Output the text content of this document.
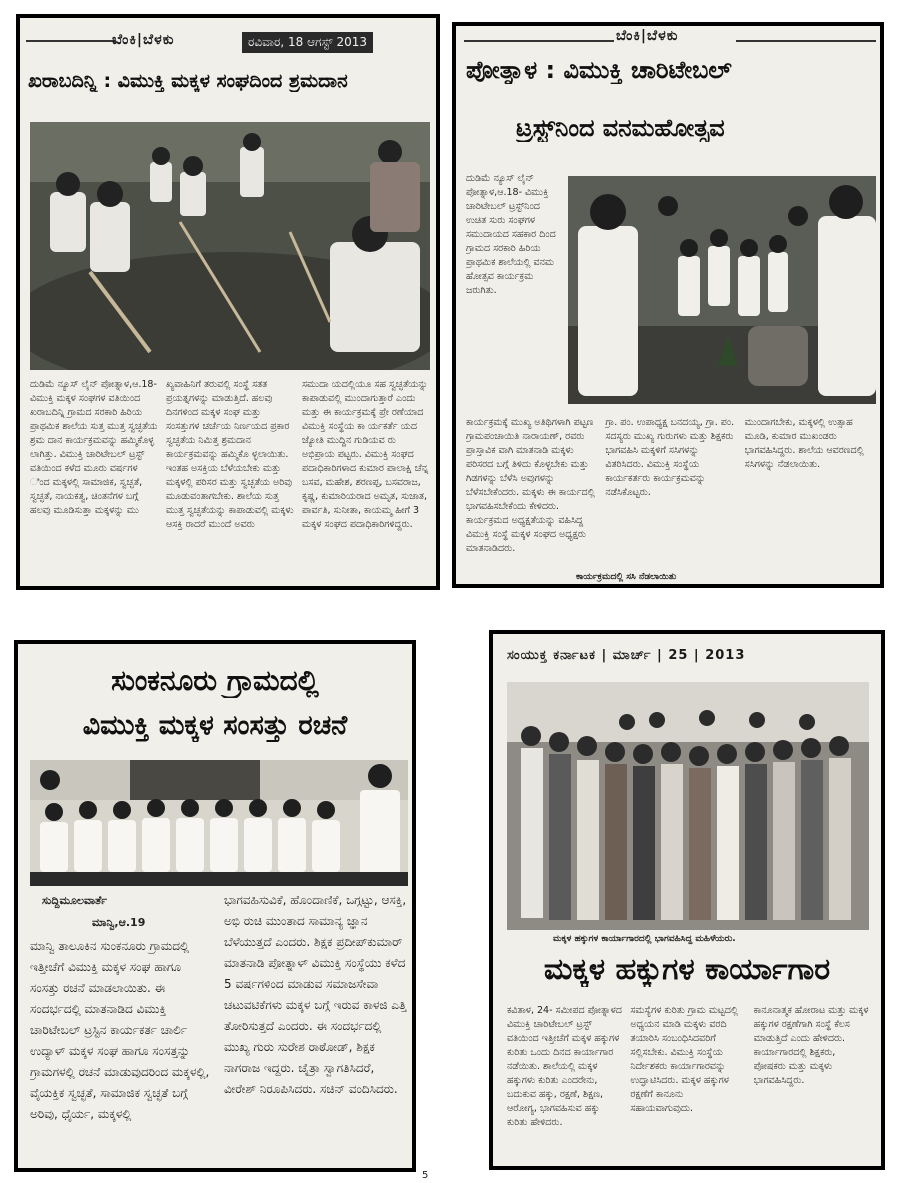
ಬೆಂಕಿ|ಬೆಳಕು	ರವಿವಾರ, 18 ಆಗಸ್ಟ್ 2013
ಖರಾಬದಿನ್ನಿ : ವಿಮುಕ್ತಿ ಮಕ್ಕಳ ಸಂಘದಿಂದ ಶ್ರಮದಾನ
ದುಡಿಮೆ ನ್ಯೂಸ್ ಲೈನ್ ಪೋತ್ನಾಳ,ಆ.18- ವಿಮುಕ್ತಿ ಮಕ್ಕಳ ಸಂಘಗಳ ವತಿಯಿಂದ ಖರಾಬದಿನ್ನಿ ಗ್ರಾಮದ ಸರಕಾರಿ ಹಿರಿಯ ಪ್ರಾಥಮಿಕ ಶಾಲೆಯ ಸುತ್ತ ಮುತ್ತ ಸ್ವಚ್ಛತೆಯ ಶ್ರಮ ದಾನ ಕಾರ್ಯಕ್ರಮವನ್ನು ಹಮ್ಮಿಕೊಳ್ಳ ಲಾಗಿತ್ತು. ವಿಮುಕ್ತಿ ಚಾರಿಟೇಬಲ್ ಟ್ರಸ್ಟ್ ವತಿಯಿಂದ ಕಳೆದ ಮೂರು ವರ್ಷಗಳ ಿಂದ ಮಕ್ಕಳಲ್ಲಿ ಸಾಮಾಜಿಕ, ಸ್ವಚ್ಛತೆ, ಸ್ವಚ್ಛತೆ, ನಾಯಕತ್ವ, ಚಿಂತನೆಗಳ ಬಗ್ಗೆ ಹಲವು ಮೂಡಿಸುತ್ತಾ ಮಕ್ಕಳನ್ನು ಮು
ಖ್ಯವಾಹಿನಿಗೆ ತರುವಲ್ಲಿ ಸಂಸ್ಥೆ ಸತತ ಪ್ರಯತ್ನಗಳನ್ನು ಮಾಡುತ್ತಿದೆ. ಹಲವು ದಿನಗಳಿಂದ ಮಕ್ಕಳ ಸಂಘ ಮತ್ತು ಸಂಸತ್ತುಗಳ ಚರ್ಚೆಯ ನಿರ್ಣಯದ ಪ್ರಕಾರ ಸ್ವಚ್ಛತೆಯ ನಿಮಿತ್ತ ಶ್ರಮದಾನ ಕಾರ್ಯಕ್ರಮವನ್ನು ಹಮ್ಮಿಕೊ ಳ್ಳಲಾಯಿತು. ಇಂತಹ ಅಸಕ್ತಿಯ ಬೆಳೆಯಬೇಕು ಮತ್ತು ಮಕ್ಕಳಲ್ಲಿ ಪರಿಸರ ಮತ್ತು ಸ್ವಚ್ಛತೆಯ ಅರಿವು ಮೂಡುವಂತಾಗಬೇಕು. ಶಾಲೆಯ ಸುತ್ತ ಮುತ್ತ ಸ್ವಚ್ಛತೆಯನ್ನು ಕಾಪಾಡುವಲ್ಲಿ ಮಕ್ಕಳು ಆಸಕ್ತಿ ರಾದರೆ ಮುಂದೆ ಅವರು
ಸಮುದಾ ಯದಲ್ಲಿಯೂ ಸಹ ಸ್ವಚ್ಛತೆಯನ್ನು ಕಾಪಾಡುವಲ್ಲಿ ಮುಂದಾಗುತ್ತಾರೆ ಎಂದು ಮತ್ತು ಈ ಕಾರ್ಯಕ್ರಮಕ್ಕೆ ಪ್ರೇ ರಣೆಯಾದ ವಿಮುಕ್ತಿ ಸಂಸ್ಥೆಯ ಕಾ ರ್ಯಕರ್ತೆ ಯದ ಜ್ಯೋತಿ ಮುದ್ದಿನ ಗುಡಿಯವ ರು ಅಭಿಪ್ರಾಯ ಪಟ್ಟರು. ವಿಮುಕ್ತಿ ಸಂಘದ ಪದಾಧಿಕಾರಿಗಳಾದ ಕುಮಾರ ಪಾಲಾಕ್ಷಿ ಚೆನ್ನ ಬಸವ, ಮಹೇಶ, ಶರಣಪ್ಪ, ಬಸವರಾಜ, ಕೃಷ್ಣ, ಕುಮಾರಿಯರಾದ ಅಮೃತ, ಸುಜಾತ, ಪಾರ್ವತಿ, ಸುನೀತಾ, ಕಾಯಮ್ಮ ಹೀಗೆ 3 ಮಕ್ಕಳ ಸಂಘದ ಪದಾಧಿಕಾರಿಗಳಿದ್ದರು.
ಬೆಂಕಿ|ಬೆಳಕು
ಪೋತ್ನಾಳ : ವಿಮುಕ್ತಿ ಚಾರಿಟೇಬಲ್
ಟ್ರಸ್ಟ್‌ನಿಂದ ವನಮಹೋತ್ಸವ
ದುಡಿಮೆ ನ್ಯೂಸ್ ಲೈನ್ ಪೋತ್ನಾಳ,ಆ.18- ವಿಮುಕ್ತಿ ಚಾರಿಟೇಬಲ್ ಟ್ರಸ್ಟ್‌ನಿಂದ ಉಚಿತ ಸುರು ಸಂಘಗಳ ಸಮುದಾಯದ ಸಹಕಾರ ದಿಂದ ಗ್ರಾಮದ ಸರಕಾರಿ ಹಿರಿಯ ಪ್ರಾಥಮಿಕ ಶಾಲೆಯಲ್ಲಿ ವನಮ ಹೋತ್ಸವ ಕಾರ್ಯಕ್ರಮ ಜರುಗಿತು.
ಕಾರ್ಯಕ್ರಮಕ್ಕೆ ಮುಖ್ಯ ಅತಿಥಿಗಳಾಗಿ ಪಟ್ಟಣ ಗ್ರಾಮಪಂಚಾಯಿತಿ ನಾರಾಯಣ್, ರವರು ಪ್ರಾಸ್ತಾವಿಕ ವಾಗಿ ಮಾತನಾಡಿ ಮಕ್ಕಳು ಪರಿಸರದ ಬಗ್ಗೆ ತಿಳಿದು ಕೊಳ್ಳಬೇಕು ಮತ್ತು ಗಿಡಗಳನ್ನು ಬೆಳೆಸಿ ಅವುಗಳನ್ನು ಬೆಳೆಸಬೇಕೆಂದರು. ಮಕ್ಕಳು ಈ ಕಾರ್ಯದಲ್ಲಿ ಭಾಗವಹಿಸಬೇಕೆಂದು ಕೇಳಿದರು. ಕಾರ್ಯಕ್ರಮದ ಅಧ್ಯಕ್ಷತೆಯನ್ನು ವಹಿಸಿದ್ದ ವಿಮುಕ್ತಿ ಸಂಸ್ಥೆ ಮಕ್ಕಳ ಸಂಘದ ಅಧ್ಯಕ್ಷರು ಮಾತನಾಡಿದರು.
ಗ್ರಾ. ಪಂ. ಉಪಾಧ್ಯಕ್ಷ ಬನದಯ್ಯ, ಗ್ರಾ. ಪಂ. ಸದಸ್ಯರು ಮುಖ್ಯ ಗುರುಗಳು ಮತ್ತು ಶಿಕ್ಷಕರು ಭಾಗವಹಿಸಿ ಮಕ್ಕಳಿಗೆ ಸಸಿಗಳನ್ನು ವಿತರಿಸಿದರು. ವಿಮುಕ್ತಿ ಸಂಸ್ಥೆಯ ಕಾರ್ಯಕರ್ತರು ಕಾರ್ಯಕ್ರಮವನ್ನು ನಡೆಸಿಕೊಟ್ಟರು.
ಮುಂದಾಗಬೇಕು, ಮಕ್ಕಳಲ್ಲಿ ಉತ್ಸಾಹ ಮೂಡಿ, ಕುಮಾರ ಮುಖಂಡರು ಭಾಗವಹಿಸಿದ್ದರು. ಶಾಲೆಯ ಆವರಣದಲ್ಲಿ ಸಸಿಗಳನ್ನು ನೆಡಲಾಯಿತು.
ಕಾರ್ಯಕ್ರಮದಲ್ಲಿ ಸಸಿ ನೆಡಲಾಯಿತು
ಸುಂಕನೂರು ಗ್ರಾಮದಲ್ಲಿ
ವಿಮುಕ್ತಿ ಮಕ್ಕಳ ಸಂಸತ್ತು ರಚನೆ
ಸುದ್ದಿಮೂಲವಾರ್ತೆ
ಮಾನ್ವಿ,ಆ.19
ಮಾನ್ವಿ ತಾಲೂಕಿನ ಸುಂಕನೂರು ಗ್ರಾಮದಲ್ಲಿ ಇತ್ತೀಚೆಗೆ ವಿಮುಕ್ತಿ ಮಕ್ಕಳ ಸಂಘ ಹಾಗೂ ಸಂಸತ್ತು ರಚನೆ ಮಾಡಲಾಯಿತು. ಈ ಸಂದರ್ಭದಲ್ಲಿ ಮಾತನಾಡಿದ ವಿಮುಕ್ತಿ ಚಾರಿಟೇಬಲ್ ಟ್ರಸ್ಟಿನ ಕಾರ್ಯಕರ್ತ ಚಾರ್ಲಿ ಉದ್ಯಾಳ್ ಮಕ್ಕಳ ಸಂಘ ಹಾಗೂ ಸಂಸತ್ತನ್ನು ಗ್ರಾಮಗಳಲ್ಲಿ ರಚನೆ ಮಾಡುವುದರಿಂದ ಮಕ್ಕಳಲ್ಲಿ, ವೈಯಕ್ತಿಕ ಸ್ವಚ್ಛತೆ, ಸಾಮಾಜಿಕ ಸ್ವಚ್ಛತೆ ಬಗ್ಗೆ ಅರಿವು, ಧೈರ್ಯ, ಮಕ್ಕಳಲ್ಲಿ
ಭಾಗವಹಿಸುವಿಕೆ, ಹೊಂದಾಣಿಕೆ, ಒಗ್ಗಟ್ಟು, ಆಸಕ್ತಿ, ಅಭಿ ರುಚಿ ಮುಂತಾದ ಸಾಮಾನ್ಯ ಜ್ಞಾನ ಬೆಳೆಯುತ್ತದೆ ಎಂದರು. ಶಿಕ್ಷಕ ಪ್ರದೀಪ್‌ಕುಮಾರ್ ಮಾತನಾಡಿ ಪೋತ್ನಾಳ್ ವಿಮುಕ್ತಿ ಸಂಸ್ಥೆಯು ಕಳೆದ 5 ವರ್ಷಗಳಿಂದ ಮಾಡುವ ಸಮಾಜಸೇವಾ ಚಟುವಟಿಕೆಗಳು ಮಕ್ಕಳ ಬಗ್ಗೆ ಇರುವ ಕಾಳಜಿ ಎತ್ತಿ ತೋರಿಸುತ್ತದೆ ಎಂದರು. ಈ ಸಂದರ್ಭದಲ್ಲಿ ಮುಖ್ಯ ಗುರು ಸುರೇಶ ರಾಠೋಡ್, ಶಿಕ್ಷಕ ನಾಗರಾಜ ಇದ್ದರು. ಚೈತ್ರಾ ಸ್ವಾಗತಿಸಿದರೆ, ವೀರೇಶ್ ನಿರೂಪಿಸಿದರು. ಸಚಿನ್ ವಂದಿಸಿದರು.
ಸಂಯುಕ್ತ ಕರ್ನಾಟಕ | ಮಾರ್ಚ್ | 25 | 2013
ಮಕ್ಕಳ ಹಕ್ಕುಗಳ ಕಾರ್ಯಾಗಾರದಲ್ಲಿ ಭಾಗವಹಿಸಿದ್ದ ಮಹಿಳೆಯರು.
ಮಕ್ಕಳ ಹಕ್ಕುಗಳ ಕಾರ್ಯಾಗಾರ
ಕವಿತಾಳ, 24- ಸಮೀಪದ ಪೋತ್ನಾಳದ ವಿಮುಕ್ತಿ ಚಾರಿಟೇಬಲ್ ಟ್ರಸ್ಟ್ ವತಿಯಿಂದ ಇತ್ತೀಚೆಗೆ ಮಕ್ಕಳ ಹಕ್ಕುಗಳ ಕುರಿತು ಒಂದು ದಿನದ ಕಾರ್ಯಾಗಾರ ನಡೆಯಿತು. ಶಾಲೆಯಲ್ಲಿ ಮಕ್ಕಳ ಹಕ್ಕುಗಳು ಕುರಿತು ಎಂದರೇನು, ಬದುಕುವ ಹಕ್ಕು, ರಕ್ಷಣೆ, ಶಿಕ್ಷಣ, ಆರೋಗ್ಯ, ಭಾಗವಹಿಸುವ ಹಕ್ಕು ಕುರಿತು ಹೇಳಿದರು.
ಸಮಸ್ಯೆಗಳ ಕುರಿತು ಗ್ರಾಮ ಮಟ್ಟದಲ್ಲಿ ಅಧ್ಯಯನ ಮಾಡಿ ಮಕ್ಕಳು ವರದಿ ತಯಾರಿಸಿ ಸಂಬಂಧಿಸಿದವರಿಗೆ ಸಲ್ಲಿಸಬೇಕು. ವಿಮುಕ್ತಿ ಸಂಸ್ಥೆಯ ನಿರ್ದೇಶಕರು ಕಾರ್ಯಾಗಾರವನ್ನು ಉದ್ಘಾಟಿಸಿದರು. ಮಕ್ಕಳ ಹಕ್ಕುಗಳ ರಕ್ಷಣೆಗೆ ಕಾನೂನು ಸಹಾಯವಾಗುವುದು.
ಕಾನೂನಾತ್ಮಕ ಹೋರಾಟ ಮತ್ತು ಮಕ್ಕಳ ಹಕ್ಕುಗಳ ರಕ್ಷಣೆಗಾಗಿ ಸಂಸ್ಥೆ ಕೆಲಸ ಮಾಡುತ್ತಿದೆ ಎಂದು ಹೇಳಿದರು. ಕಾರ್ಯಾಗಾರದಲ್ಲಿ ಶಿಕ್ಷಕರು, ಪೋಷಕರು ಮತ್ತು ಮಕ್ಕಳು ಭಾಗವಹಿಸಿದ್ದರು.
5
